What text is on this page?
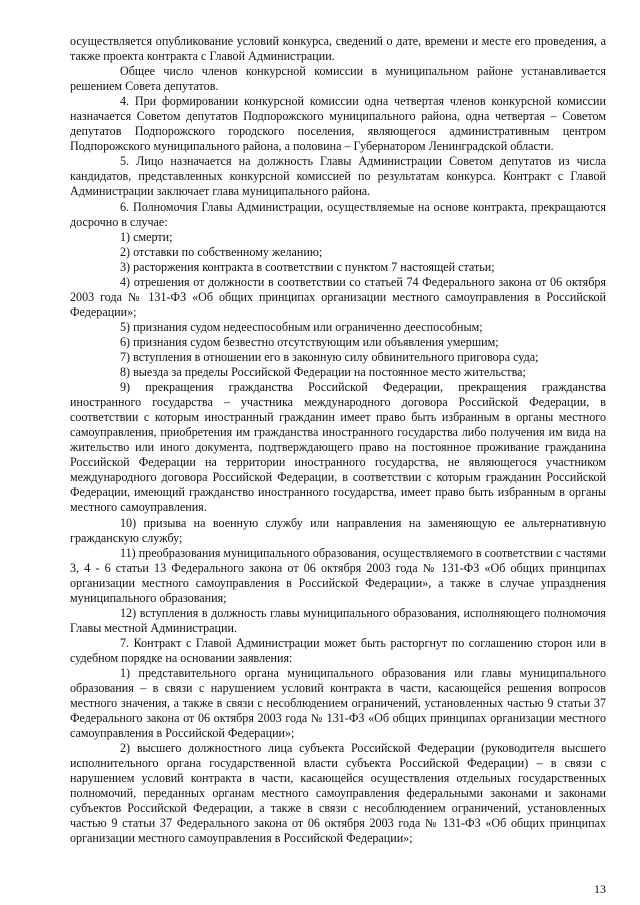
осуществляется опубликование условий конкурса, сведений о дате, времени и месте его проведения, а также проекта контракта с Главой Администрации.

Общее число членов конкурсной комиссии в муниципальном районе устанавливается решением Совета депутатов.

4. При формировании конкурсной комиссии одна четвертая членов конкурсной комиссии назначается Советом депутатов Подпорожского муниципального района, одна четвертая – Советом депутатов Подпорожского городского поселения, являющегося административным центром Подпорожского муниципального района, а половина – Губернатором Ленинградской области.

5. Лицо назначается на должность Главы Администрации Советом депутатов из числа кандидатов, представленных конкурсной комиссией по результатам конкурса. Контракт с Главой Администрации заключает глава муниципального района.

6. Полномочия Главы Администрации, осуществляемые на основе контракта, прекращаются досрочно в случае:

1) смерти;

2) отставки по собственному желанию;

3) расторжения контракта в соответствии с пунктом 7 настоящей статьи;

4) отрешения от должности в соответствии со статьей 74 Федерального закона от 06 октября 2003 года № 131-ФЗ «Об общих принципах организации местного самоуправления в Российской Федерации»;

5) признания судом недееспособным или ограниченно дееспособным;

6) признания судом безвестно отсутствующим или объявления умершим;

7) вступления в отношении его в законную силу обвинительного приговора суда;

8) выезда за пределы Российской Федерации на постоянное место жительства;

9) прекращения гражданства Российской Федерации, прекращения гражданства иностранного государства – участника международного договора Российской Федерации, в соответствии с которым иностранный гражданин имеет право быть избранным в органы местного самоуправления, приобретения им гражданства иностранного государства либо получения им вида на жительство или иного документа, подтверждающего право на постоянное проживание гражданина Российской Федерации на территории иностранного государства, не являющегося участником международного договора Российской Федерации, в соответствии с которым гражданин Российской Федерации, имеющий гражданство иностранного государства, имеет право быть избранным в органы местного самоуправления.

10) призыва на военную службу или направления на заменяющую ее альтернативную гражданскую службу;

11) преобразования муниципального образования, осуществляемого в соответствии с частями 3, 4 - 6 статьи 13 Федерального закона от 06 октября 2003 года № 131-ФЗ «Об общих принципах организации местного самоуправления в Российской Федерации», а также в случае упразднения муниципального образования;

12) вступления в должность главы муниципального образования, исполняющего полномочия Главы местной Администрации.

7. Контракт с Главой Администрации может быть расторгнут по соглашению сторон или в судебном порядке на основании заявления:

1) представительного органа муниципального образования или главы муниципального образования – в связи с нарушением условий контракта в части, касающейся решения вопросов местного значения, а также в связи с несоблюдением ограничений, установленных частью 9 статьи 37 Федерального закона от 06 октября 2003 года № 131-ФЗ «Об общих принципах организации местного самоуправления в Российской Федерации»;

2) высшего должностного лица субъекта Российской Федерации (руководителя высшего исполнительного органа государственной власти субъекта Российской Федерации) – в связи с нарушением условий контракта в части, касающейся осуществления отдельных государственных полномочий, переданных органам местного самоуправления федеральными законами и законами субъектов Российской Федерации, а также в связи с несоблюдением ограничений, установленных частью 9 статьи 37 Федерального закона от 06 октября 2003 года № 131-ФЗ «Об общих принципах организации местного самоуправления в Российской Федерации»;

13
